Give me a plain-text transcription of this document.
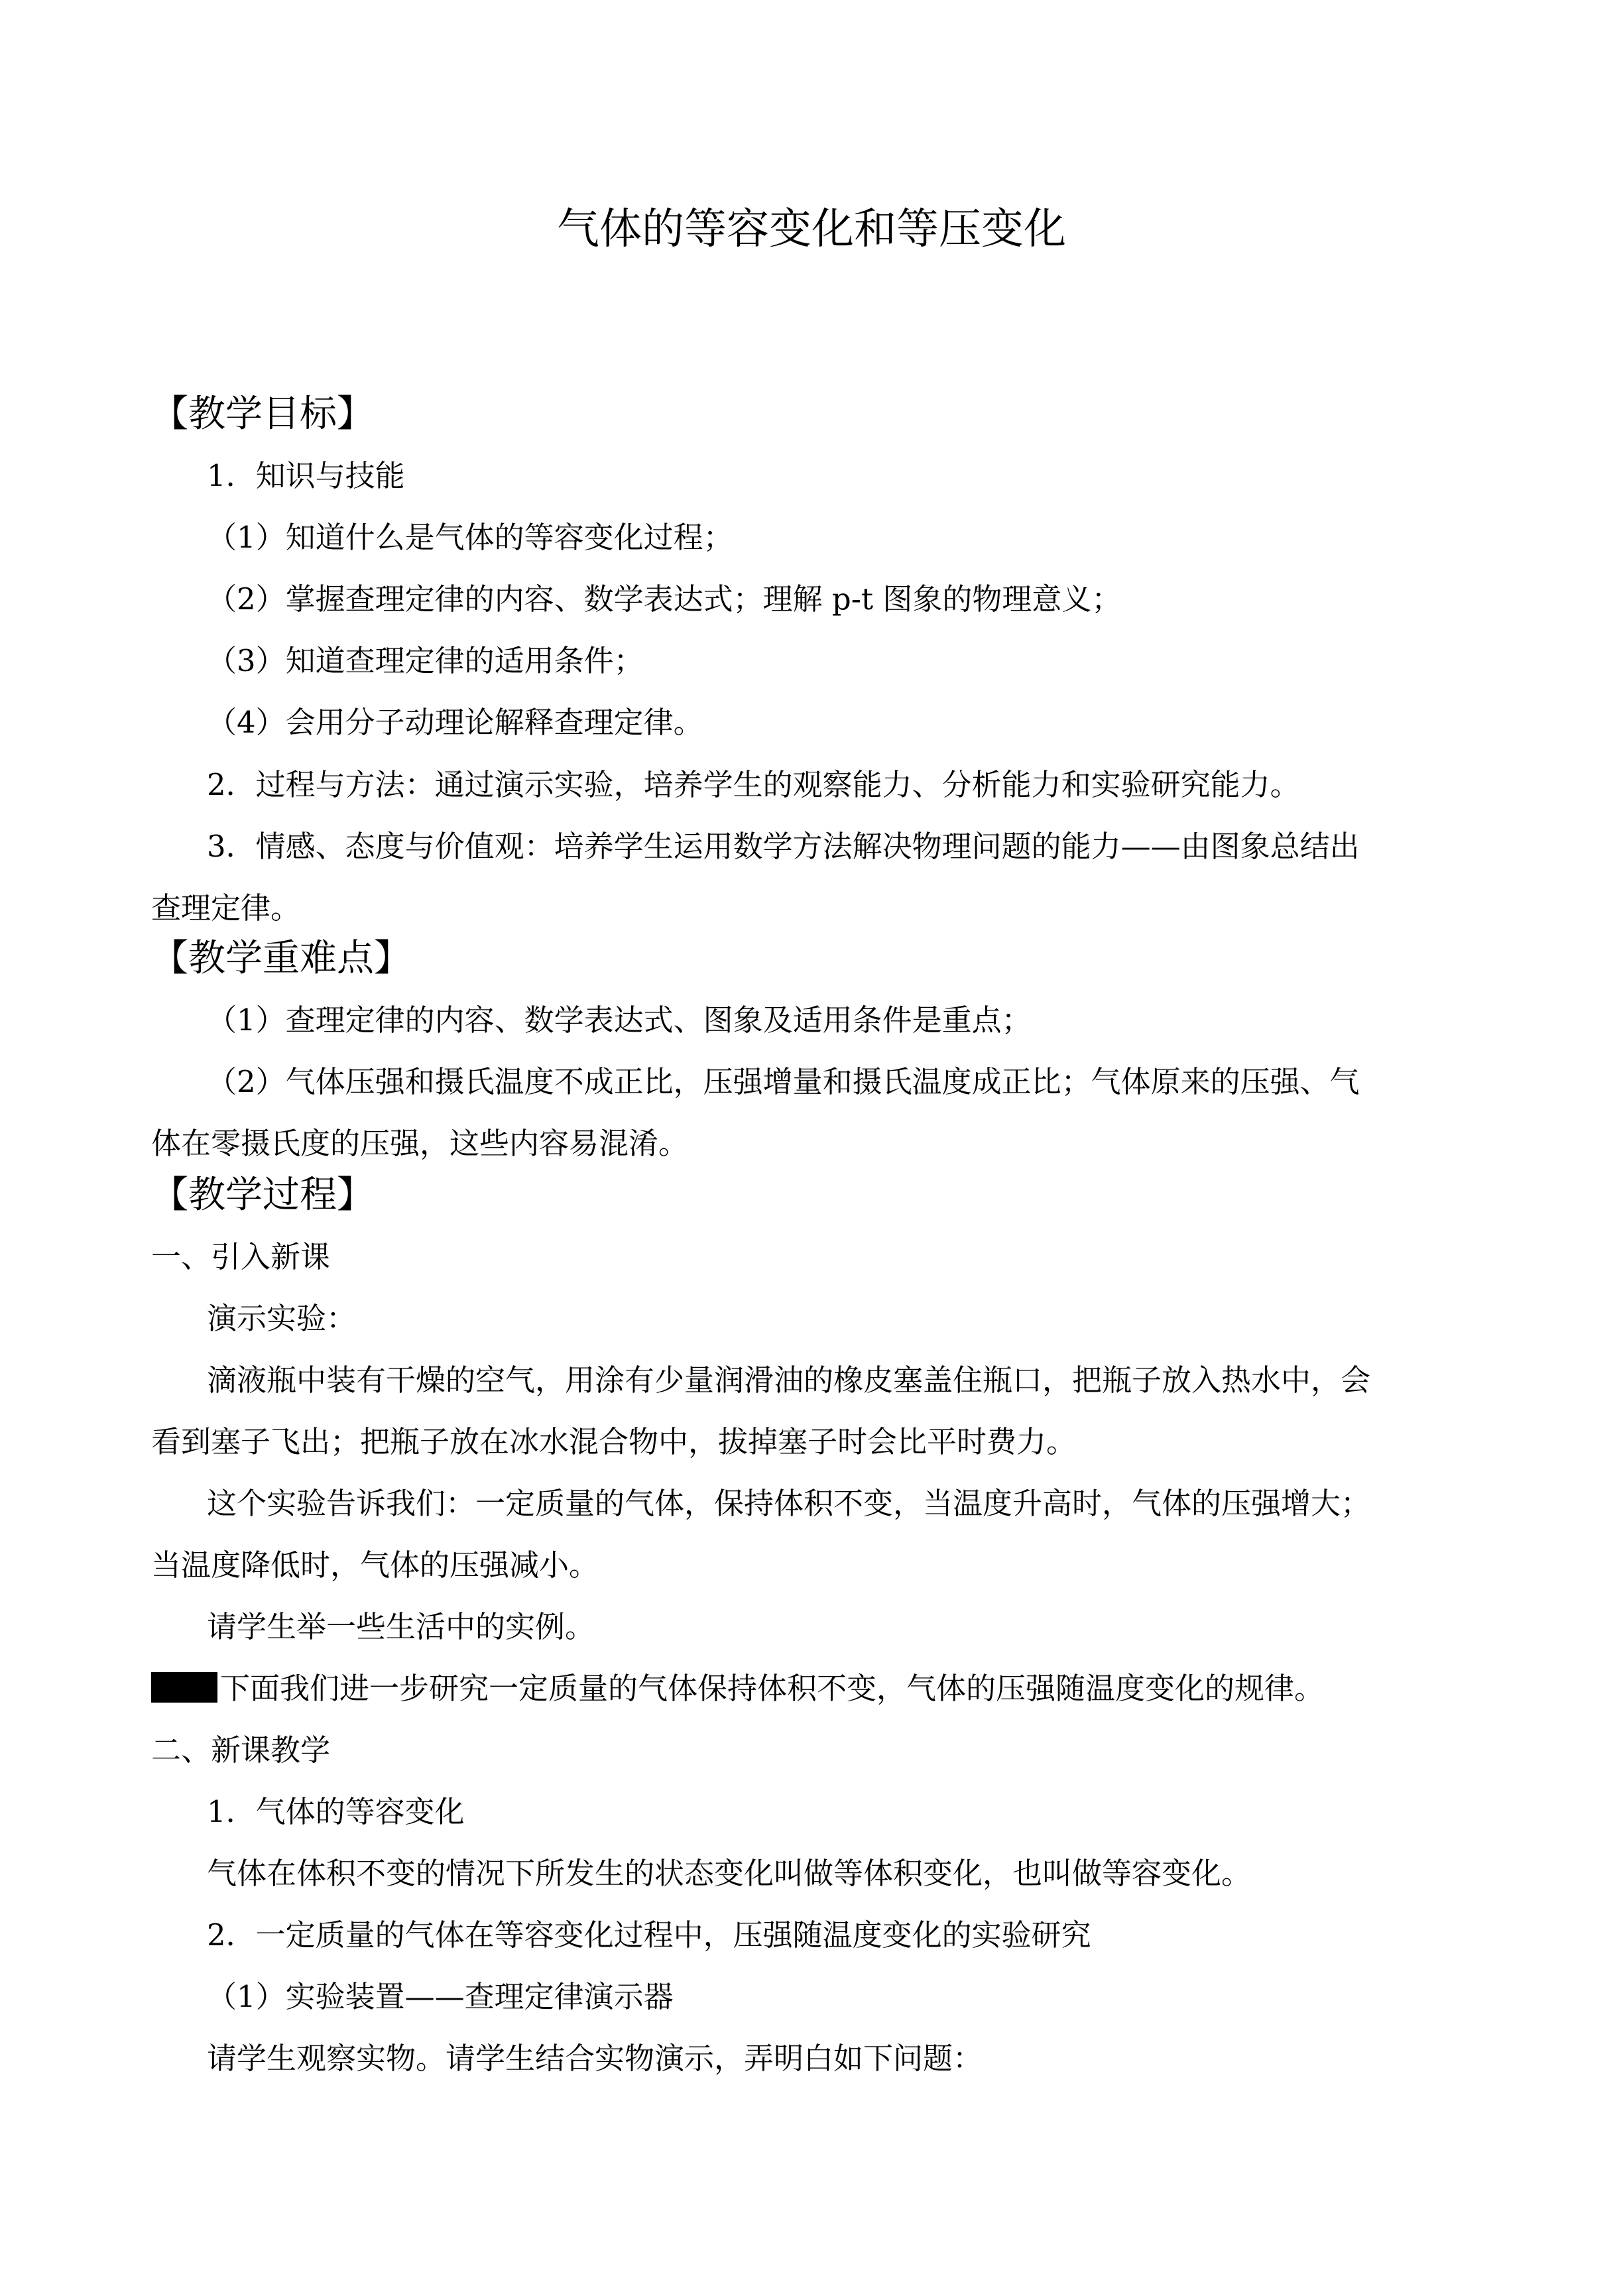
气体的等容变化和等压变化
【教学目标】
1．知识与技能
（1）知道什么是气体的等容变化过程；
（2）掌握查理定律的内容、数学表达式；理解 p-t 图象的物理意义；
（3）知道查理定律的适用条件；
（4）会用分子动理论解释查理定律。
2．过程与方法：通过演示实验，培养学生的观察能力、分析能力和实验研究能力。
3．情感、态度与价值观：培养学生运用数学方法解决物理问题的能力——由图象总结出
查理定律。
【教学重难点】
（1）查理定律的内容、数学表达式、图象及适用条件是重点；
（2）气体压强和摄氏温度不成正比，压强增量和摄氏温度成正比；气体原来的压强、气
体在零摄氏度的压强，这些内容易混淆。
【教学过程】
一、引入新课
演示实验：
滴液瓶中装有干燥的空气，用涂有少量润滑油的橡皮塞盖住瓶口，把瓶子放入热水中，会
看到塞子飞出；把瓶子放在冰水混合物中，拔掉塞子时会比平时费力。
这个实验告诉我们：一定质量的气体，保持体积不变，当温度升高时，气体的压强增大；
当温度降低时，气体的压强减小。
请学生举一些生活中的实例。
下面我们进一步研究一定质量的气体保持体积不变，气体的压强随温度变化的规律。
二、新课教学
1．气体的等容变化
气体在体积不变的情况下所发生的状态变化叫做等体积变化，也叫做等容变化。
2．一定质量的气体在等容变化过程中，压强随温度变化的实验研究
（1）实验装置——查理定律演示器
请学生观察实物。请学生结合实物演示，弄明白如下问题：
